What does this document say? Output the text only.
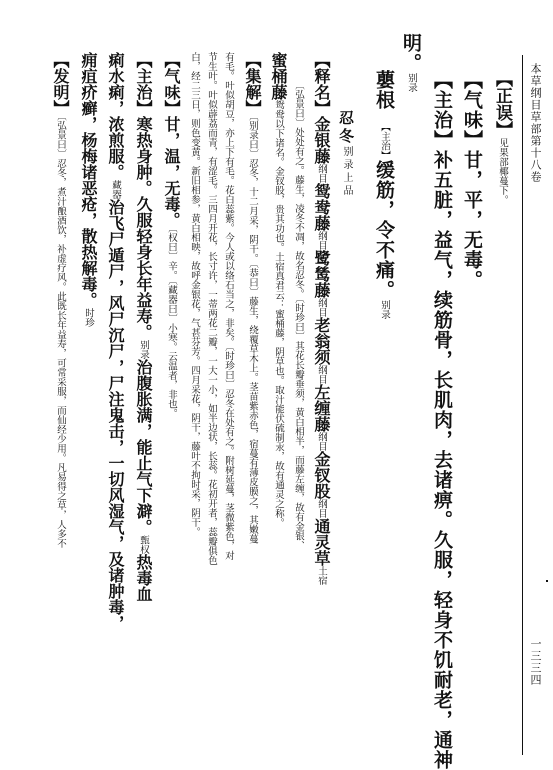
本草纲目草部第十八卷
一三三四
【正误】见果部椰蔓下。
【气味】甘，平，无毒。
【主治】补五脏，益气，续筋骨，长肌肉，去诸痹。久服，轻身不饥耐老，通神
明。别录
蘡根【主治】缓筋，令不痛。别录
忍冬别录上品
【释名】金银藤纲目鸳鸯藤纲目鹭鸶藤纲目老翁须纲目左缠藤纲目金钗股纲目通灵草土宿
〔弘景曰〕处处有之。藤生，凌冬不凋，故名忍冬。〔时珍曰〕其花长瓣垂须，黄白相半，而藤左缠，故有金银、
蜜桶藤鸳鸯以下诸名。金钗股，贵其功也。土宿真君云：蜜桶藤，阴草也。取汁能伏硫制汞，故有通灵之称。
【集解】〔别录曰〕忍冬，十二月采，阴干。〔恭曰〕藤生，绕覆草木上。茎苗紫赤色，宿蔓有薄皮膜之，其嫩蔓
有毛。叶似胡豆，亦上下有毛。花白蕊紫。今人或以络石当之，非矣。〔时珍曰〕忍冬在处有之。附树延蔓，茎微紫色，对
节生叶。叶似薜荔而青，有涩毛。三四月开花，长寸许，一蒂两花二瓣，一大一小，如半边状，长蕊。花初开者，蕊瓣俱色
白，经二三日，则色变黄。新旧相参，黄白相映，故呼金银花，气甚芬芳。四月采花，阴干，藤叶不拘时采，阴干。
【气味】甘，温，无毒。〔权曰〕辛。〔藏器曰〕小寒。云温者，非也。
【主治】寒热身肿。久服轻身长年益寿。别录治腹胀满，能止气下澼。甄权热毒血
痢水痢，浓煎服。藏器治飞尸遁尸，风尸沉尸，尸注鬼击，一切风湿气，及诸肿毒，
痈疽疥癣，杨梅诸恶疮，散热解毒。时珍
【发明】〔弘景曰〕忍冬，煮汁酿酒饮，补虚疗风。此既长年益寿，可常采服，而仙经少用。凡易得之草，人多不
